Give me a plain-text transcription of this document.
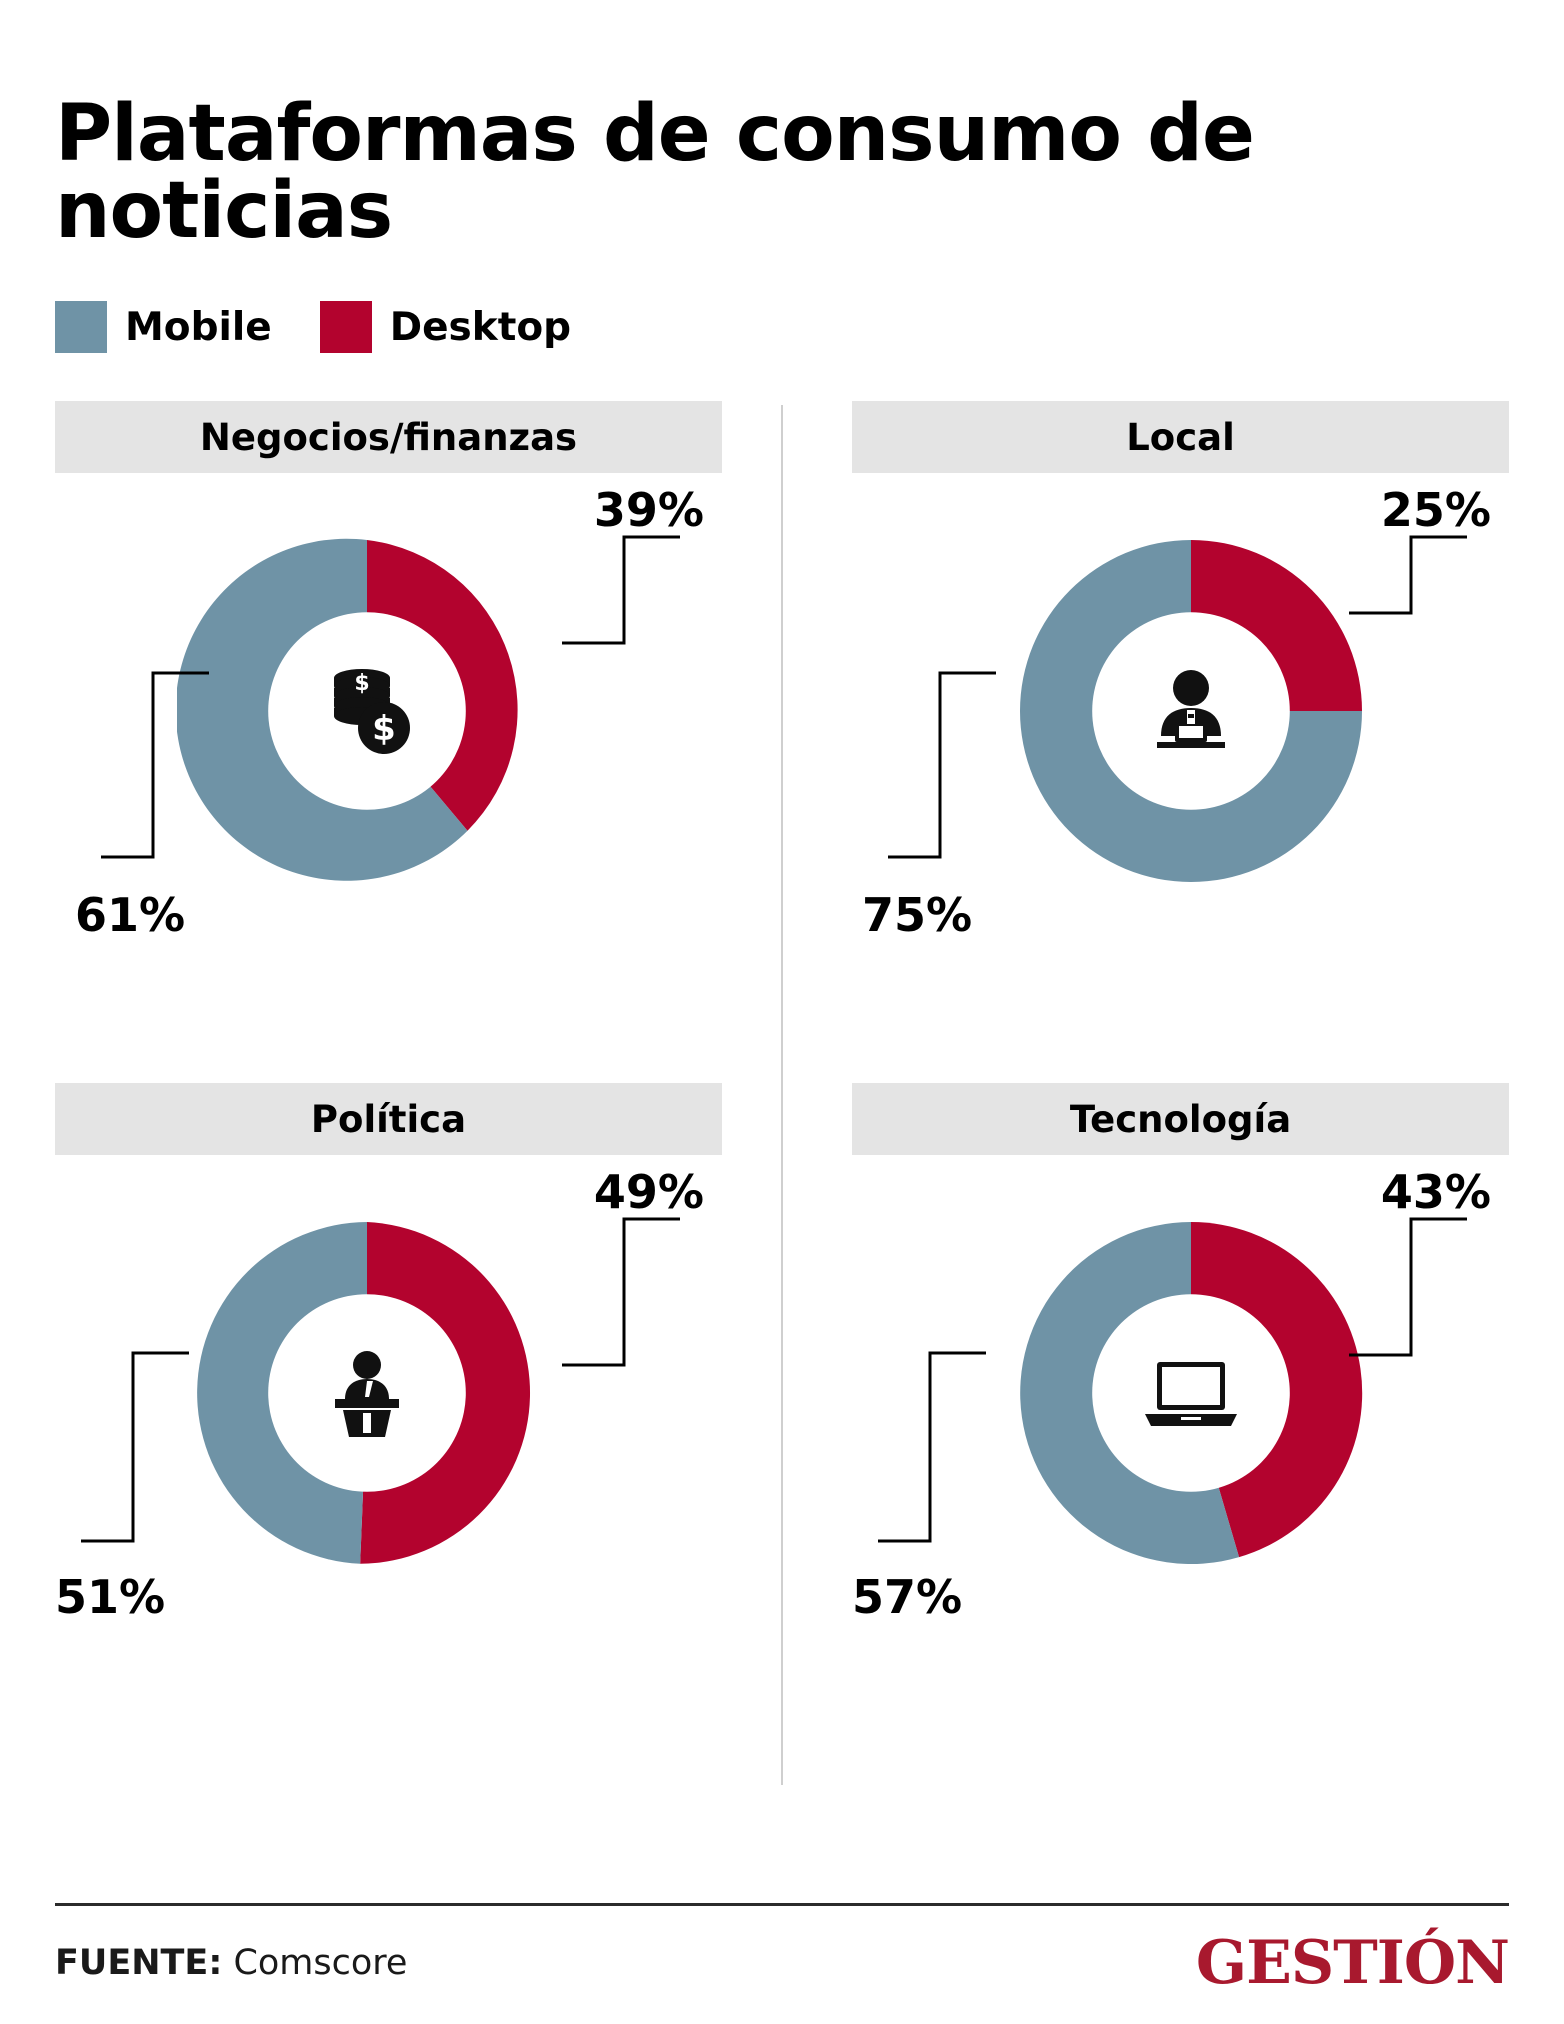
Plataformas de consumo de noticias
Mobile	Desktop
Negocios/finanzas
$
$
39%
61%
Local
25%
75%
Política
49%
51%
Tecnología
43%
57%
FUENTE: Comscore	GESTIÓN
